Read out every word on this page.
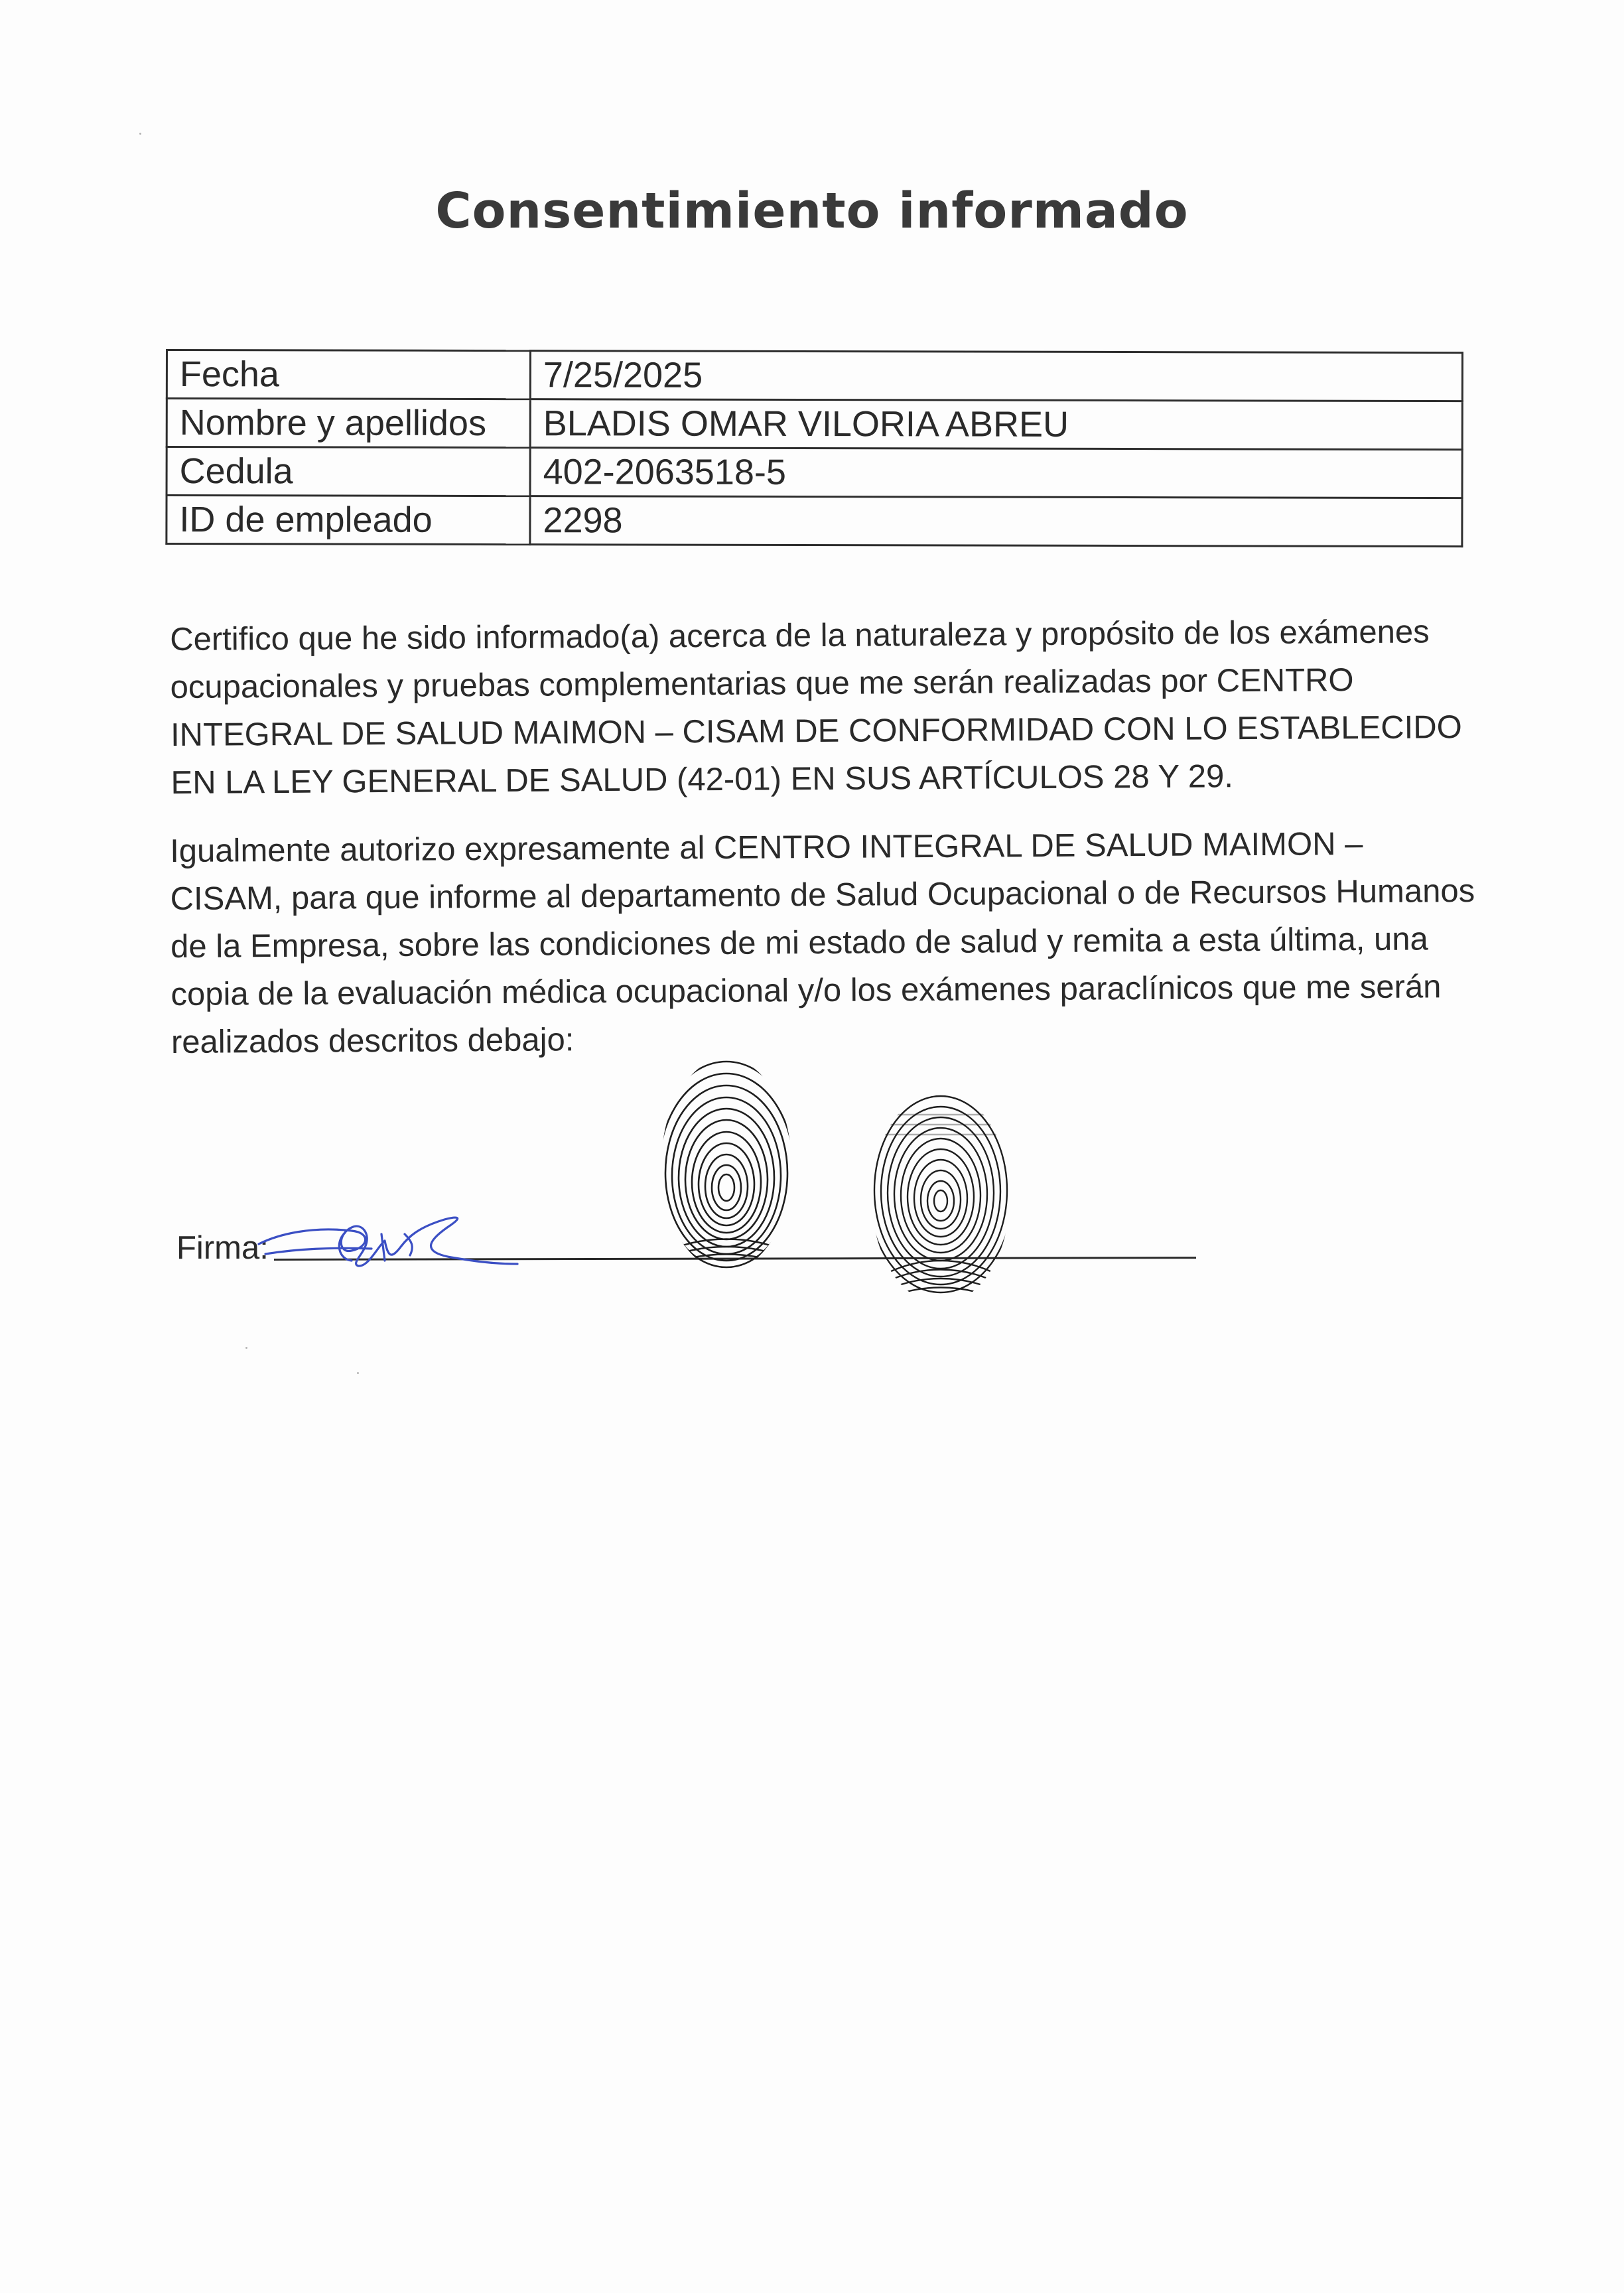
Consentimiento informado
Fecha	7/25/2025
Nombre y apellidos	BLADIS OMAR VILORIA ABREU
Cedula	402-2063518-5
ID de empleado	2298
Certifico que he sido informado(a) acerca de la naturaleza y propósito de los exámenes ocupacionales y pruebas complementarias que me serán realizadas por CENTRO INTEGRAL DE SALUD MAIMON – CISAM DE CONFORMIDAD CON LO ESTABLECIDO EN LA LEY GENERAL DE SALUD (42-01) EN SUS ARTÍCULOS 28 Y 29.
Igualmente autorizo expresamente al CENTRO INTEGRAL DE SALUD MAIMON – CISAM, para que informe al departamento de Salud Ocupacional o de Recursos Humanos de la Empresa, sobre las condiciones de mi estado de salud y remita a esta última, una copia de la evaluación médica ocupacional y/o los exámenes paraclínicos que me serán realizados descritos debajo:
Firma:
